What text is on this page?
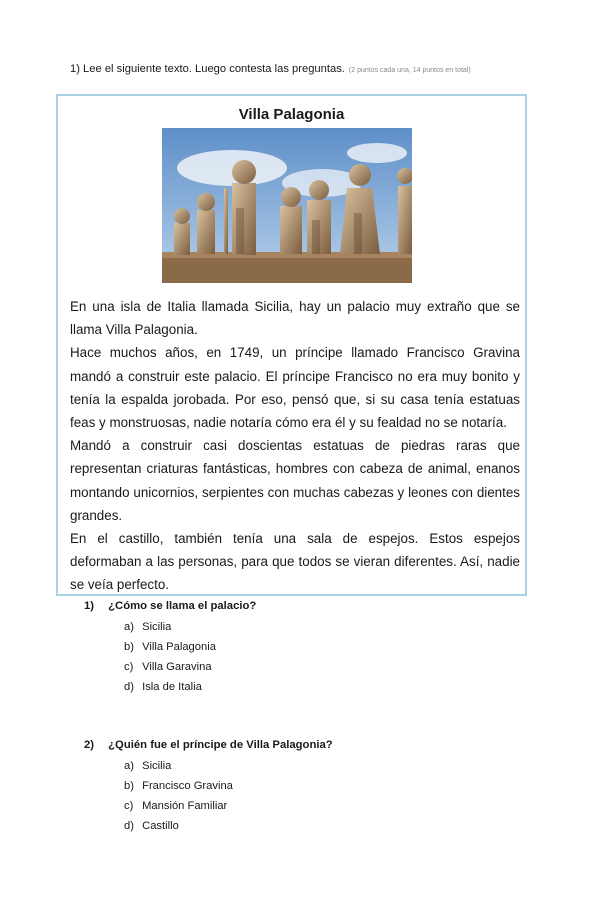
1) Lee el siguiente texto. Luego contesta las preguntas. (2 puntos cada una, 14 puntos en total)
Villa Palagonia

En una isla de Italia llamada Sicilia, hay un palacio muy extraño que se llama Villa Palagonia.

Hace muchos años, en 1749, un príncipe llamado Francisco Gravina mandó a construir este palacio. El príncipe Francisco no era muy bonito y tenía la espalda jorobada. Por eso, pensó que, si su casa tenía estatuas feas y monstruosas, nadie notaría cómo era él y su fealdad no se notaría.

Mandó a construir casi doscientas estatuas de piedras raras que representan criaturas fantásticas, hombres con cabeza de animal, enanos montando unicornios, serpientes con muchas cabezas y leones con dientes grandes.

En el castillo, también tenía una sala de espejos. Estos espejos deformaban a las personas, para que todos se vieran diferentes. Así, nadie se veía perfecto.

1) ¿Cómo se llama el palacio?
a) Sicilia
b) Villa Palagonia
c) Villa Garavina
d) Isla de Italia
2) ¿Quién fue el príncipe de Villa Palagonia?
a) Sicilia
b) Francisco Gravina
c) Mansión Familiar
d) Castillo
